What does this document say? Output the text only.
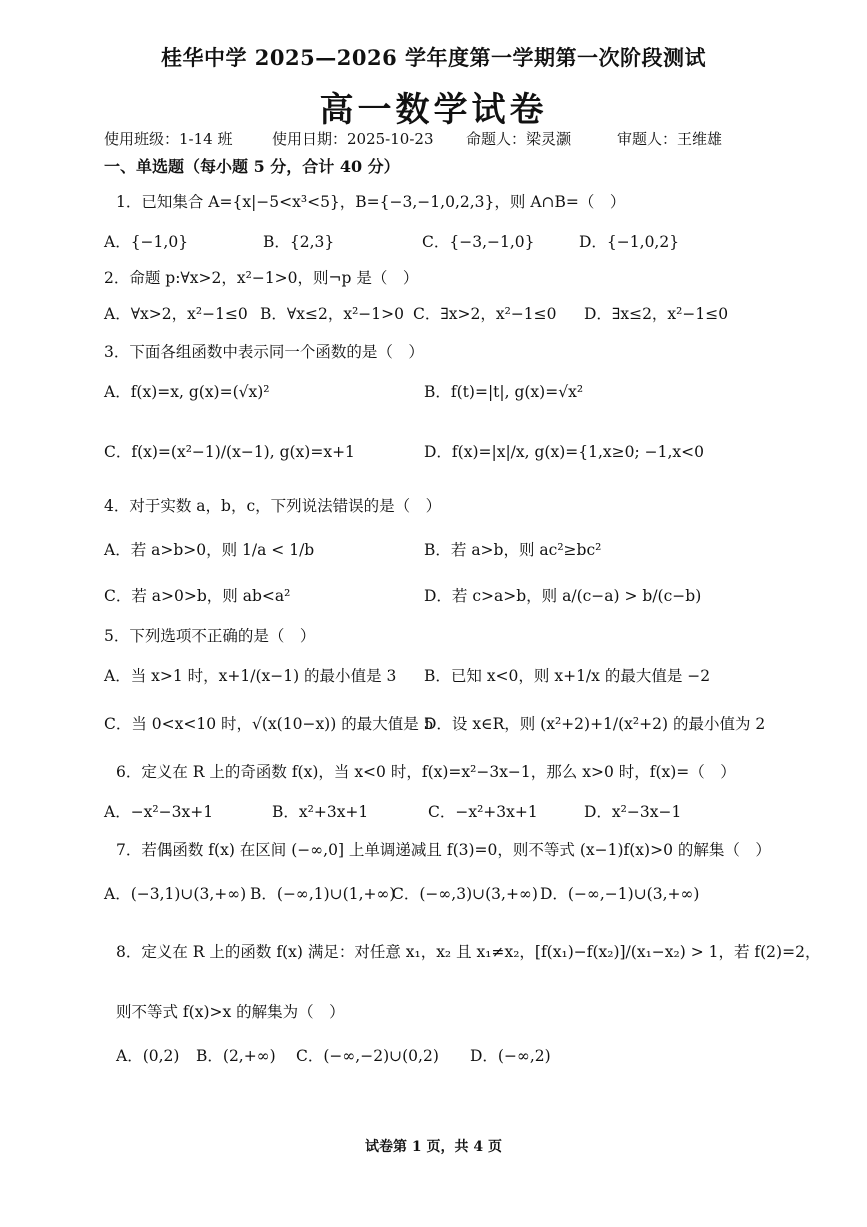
桂华中学 2025—2026 学年度第一学期第一次阶段测试
高一数学试卷
使用班级：1-14 班	使用日期：2025-10-23 命题人：梁灵灏	审题人：王维雄
一、单选题（每小题 5 分，合计 40 分）
1．已知集合 A={x|−5<x³<5}，B={−3,−1,0,2,3}，则 A∩B=（　）
A．{−1,0}	B．{2,3}	C．{−3,−1,0}	D．{−1,0,2}
2．命题 p:∀x>2，x²−1>0，则¬p 是（　）
A．∀x>2，x²−1≤0 B．∀x≤2，x²−1>0 C．∃x>2，x²−1≤0 D．∃x≤2，x²−1≤0
3．下面各组函数中表示同一个函数的是（　）
A．f(x)=x, g(x)=(√x)²	B．f(t)=|t|, g(x)=√x²
C．f(x)=(x²−1)/(x−1), g(x)=x+1	D．f(x)=|x|/x, g(x)={1,x≥0; −1,x<0
4．对于实数 a，b，c，下列说法错误的是（　）
A．若 a>b>0，则 1/a < 1/b	B．若 a>b，则 ac²≥bc²
C．若 a>0>b，则 ab<a²	D．若 c>a>b，则 a/(c−a) > b/(c−b)
5．下列选项不正确的是（　）
A．当 x>1 时，x+1/(x−1) 的最小值是 3 B．已知 x<0，则 x+1/x 的最大值是 −2
C．当 0<x<10 时，√(x(10−x)) 的最大值是 5
D．设 x∈R，则 (x²+2)+1/(x²+2) 的最小值为 2
6．定义在 R 上的奇函数 f(x)，当 x<0 时，f(x)=x²−3x−1，那么 x>0 时，f(x)=（　）
A．−x²−3x+1	B．x²+3x+1	C．−x²+3x+1	D．x²−3x−1
7．若偶函数 f(x) 在区间 (−∞,0] 上单调递减且 f(3)=0，则不等式 (x−1)f(x)>0 的解集（　）
A．(−3,1)∪(3,+∞) B．(−∞,1)∪(1,+∞)
C．(−∞,3)∪(3,+∞) D．(−∞,−1)∪(3,+∞)
8．定义在 R 上的函数 f(x) 满足：对任意 x₁，x₂ 且 x₁≠x₂，[f(x₁)−f(x₂)]/(x₁−x₂) > 1，若 f(2)=2，
则不等式 f(x)>x 的解集为（　）
A．(0,2) B．(2,+∞) C．(−∞,−2)∪(0,2) D．(−∞,2)
试卷第 1 页，共 4 页
